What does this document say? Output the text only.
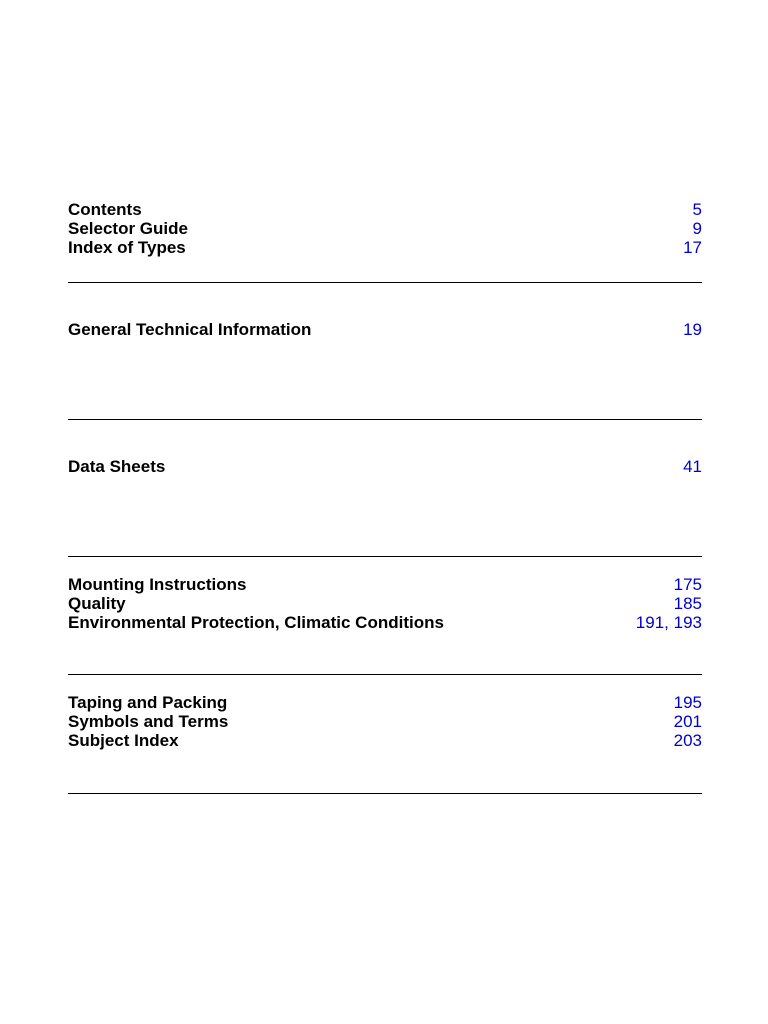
Contents	5
Selector Guide	9
Index of Types	17
General Technical Information	19
Data Sheets	41
Mounting Instructions	175
Quality	185
Environmental Protection, Climatic Conditions	191, 193
Taping and Packing	195
Symbols and Terms	201
Subject Index	203
